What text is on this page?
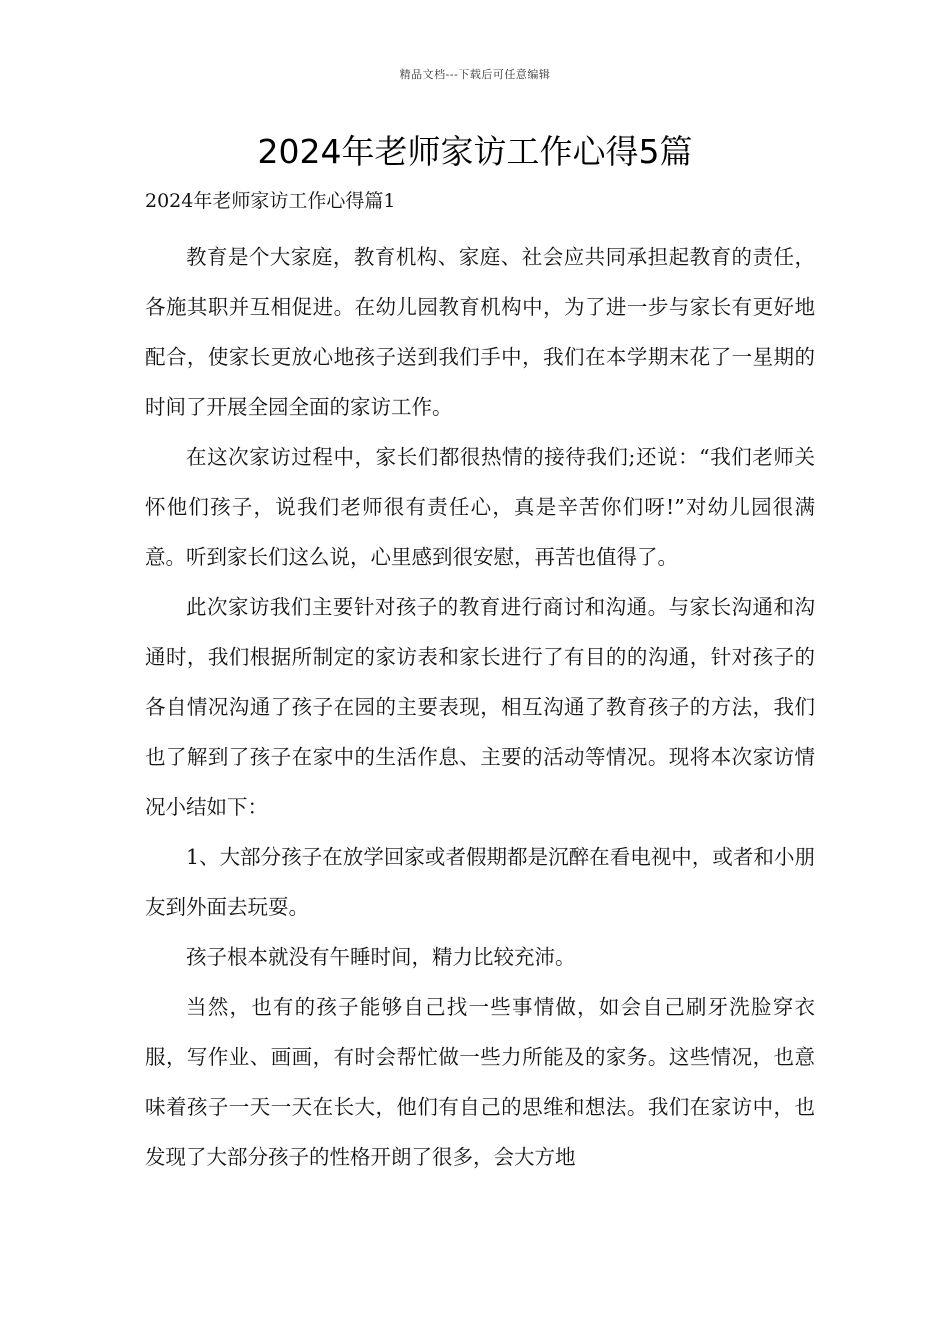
精品文档---下载后可任意编辑
2024年老师家访工作心得5篇
2024年老师家访工作心得篇1

教育是个大家庭，教育机构、家庭、社会应共同承担起教育的责任，各施其职并互相促进。在幼儿园教育机构中，为了进一步与家长有更好地配合，使家长更放心地孩子送到我们手中，我们在本学期末花了一星期的时间了开展全园全面的家访工作。

在这次家访过程中，家长们都很热情的接待我们;还说：“我们老师关怀他们孩子，说我们老师很有责任心，真是辛苦你们呀!”对幼儿园很满意。听到家长们这么说，心里感到很安慰，再苦也值得了。

此次家访我们主要针对孩子的教育进行商讨和沟通。与家长沟通和沟通时，我们根据所制定的家访表和家长进行了有目的的沟通，针对孩子的各自情况沟通了孩子在园的主要表现，相互沟通了教育孩子的方法，我们也了解到了孩子在家中的生活作息、主要的活动等情况。现将本次家访情况小结如下：

1、大部分孩子在放学回家或者假期都是沉醉在看电视中，或者和小朋友到外面去玩耍。

孩子根本就没有午睡时间，精力比较充沛。

当然，也有的孩子能够自己找一些事情做，如会自己刷牙洗脸穿衣服，写作业、画画，有时会帮忙做一些力所能及的家务。这些情况，也意味着孩子一天一天在长大，他们有自己的思维和想法。我们在家访中，也发现了大部分孩子的性格开朗了很多，会大方地
